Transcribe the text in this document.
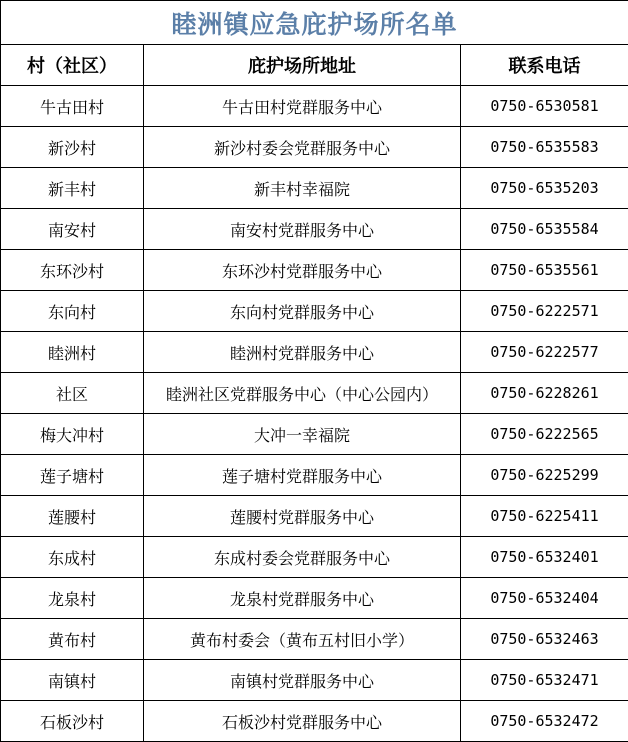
睦洲镇应急庇护场所名单		
村（社区）	庇护场所地址	联系电话
牛古田村	牛古田村党群服务中心	0750-6530581
新沙村	新沙村委会党群服务中心	0750-6535583
新丰村	新丰村幸福院	0750-6535203
南安村	南安村党群服务中心	0750-6535584
东环沙村	东环沙村党群服务中心	0750-6535561
东向村	东向村党群服务中心	0750-6222571
睦洲村	睦洲村党群服务中心	0750-6222577
社区	睦洲社区党群服务中心（中心公园内）	0750-6228261
梅大冲村	大冲一幸福院	0750-6222565
莲子塘村	莲子塘村党群服务中心	0750-6225299
莲腰村	莲腰村党群服务中心	0750-6225411
东成村	东成村委会党群服务中心	0750-6532401
龙泉村	龙泉村党群服务中心	0750-6532404
黄布村	黄布村委会（黄布五村旧小学）	0750-6532463
南镇村	南镇村党群服务中心	0750-6532471
石板沙村	石板沙村党群服务中心	0750-6532472
